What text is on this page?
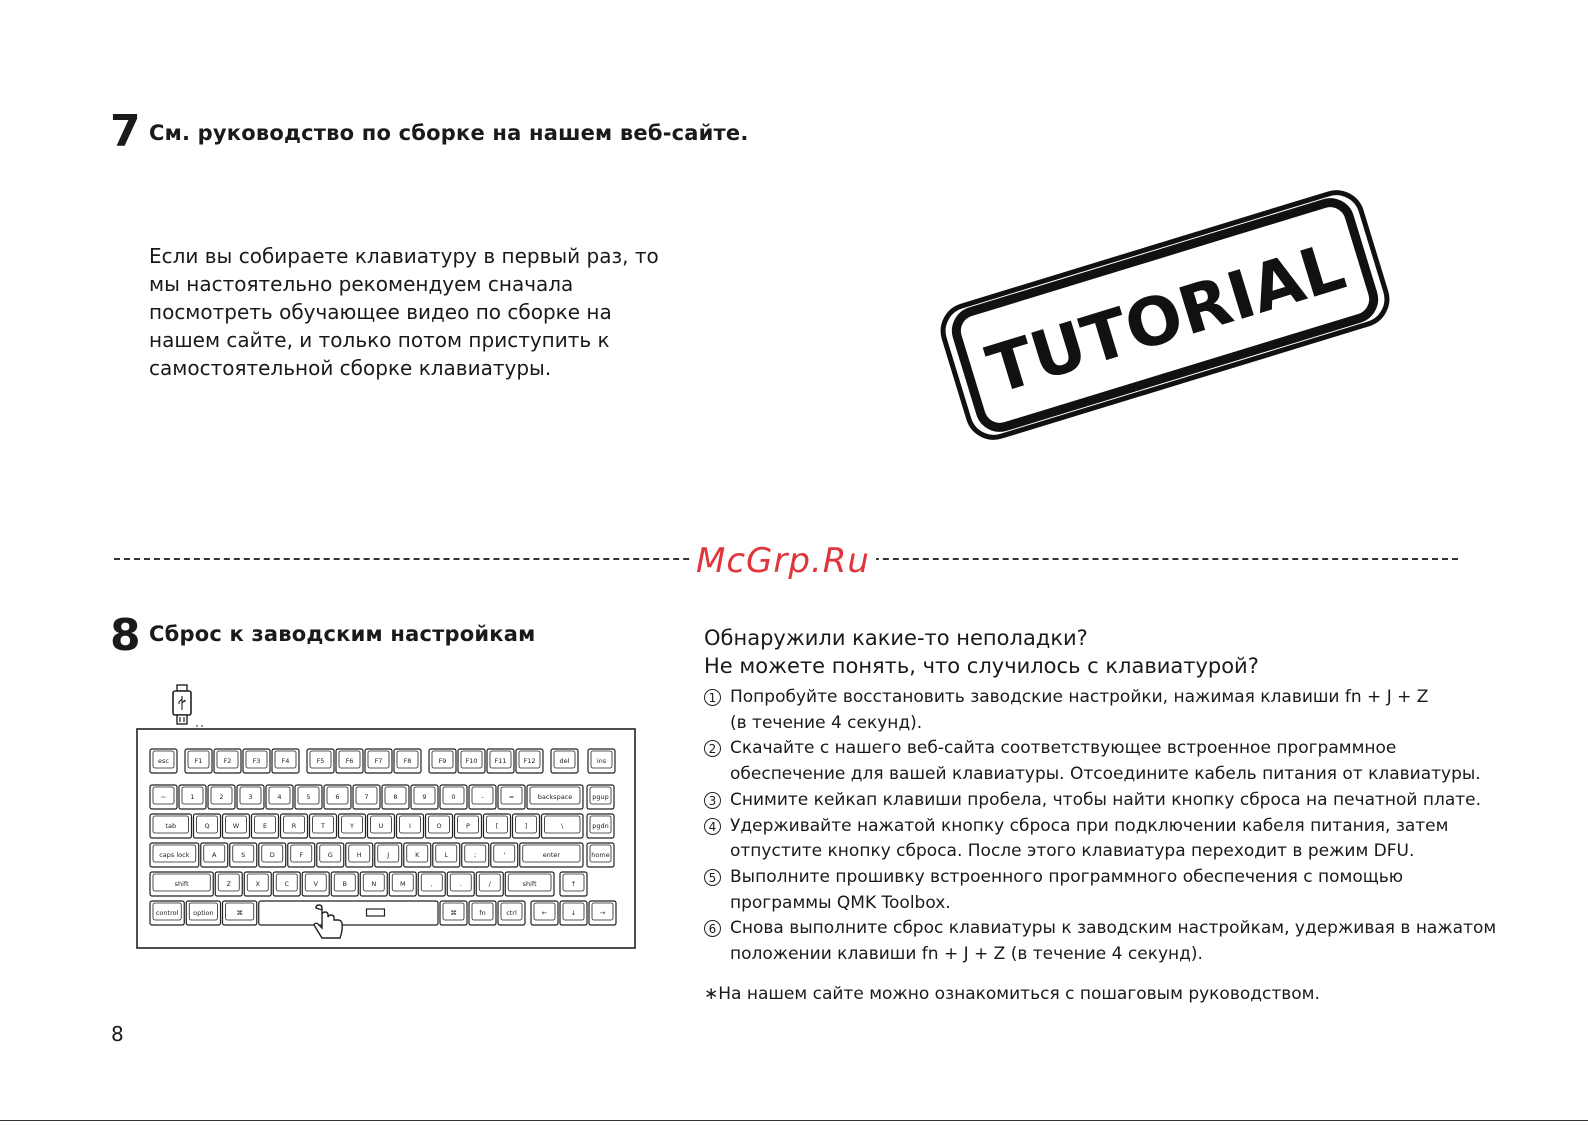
7 См. руководство по сборке на нашем веб-сайте.

Если вы собираете клавиатуру в первый раз, то

мы настоятельно рекомендуем сначала

посмотреть обучающее видео по сборке на

нашем сайте, и только потом приступить к

самостоятельной сборке клавиатуры.	TUTORIAL
McGrp.Ru
8 Сброс к заводским настройкам
esc	F1	F2	F3	F4	F5	F6	F7	F8	F9	F10	F11	F12	del	ins
~	1	2	3	4	5	6	7	8	9	0	-	=	backspace	pgup
tab	Q	W	E	R	T	Y	U	I	O	P	[	]	\	pgdn
caps lock	A	S	D	F	G	H	J	K	L	;	'	enter	home
shift	Z	X	C	V	B	N	M	,	.	/	shift	↑
control option	⌘	⌘	fn	ctrl	←	↓	→
Обнаружили какие-то неполадки?
Не можете понять, что случилось с клавиатурой?
1 Попробуйте восстановить заводские настройки, нажимая клавиши fn + J + Z
(в течение 4 секунд).
2 Скачайте с нашего веб-сайта соответствующее встроенное программное
обеспечение для вашей клавиатуры. Отсоедините кабель питания от клавиатуры.
3 Снимите кейкап клавиши пробела, чтобы найти кнопку сброса на печатной плате.
4 Удерживайте нажатой кнопку сброса при подключении кабеля питания, затем
отпустите кнопку сброса. После этого клавиатура переходит в режим DFU.
5 Выполните прошивку встроенного программного обеспечения с помощью
программы QMK Toolbox.
6 Снова выполните сброс клавиатуры к заводским настройкам, удерживая в нажатом
положении клавиши fn + J + Z (в течение 4 секунд).
∗На нашем сайте можно ознакомиться с пошаговым руководством.
8
